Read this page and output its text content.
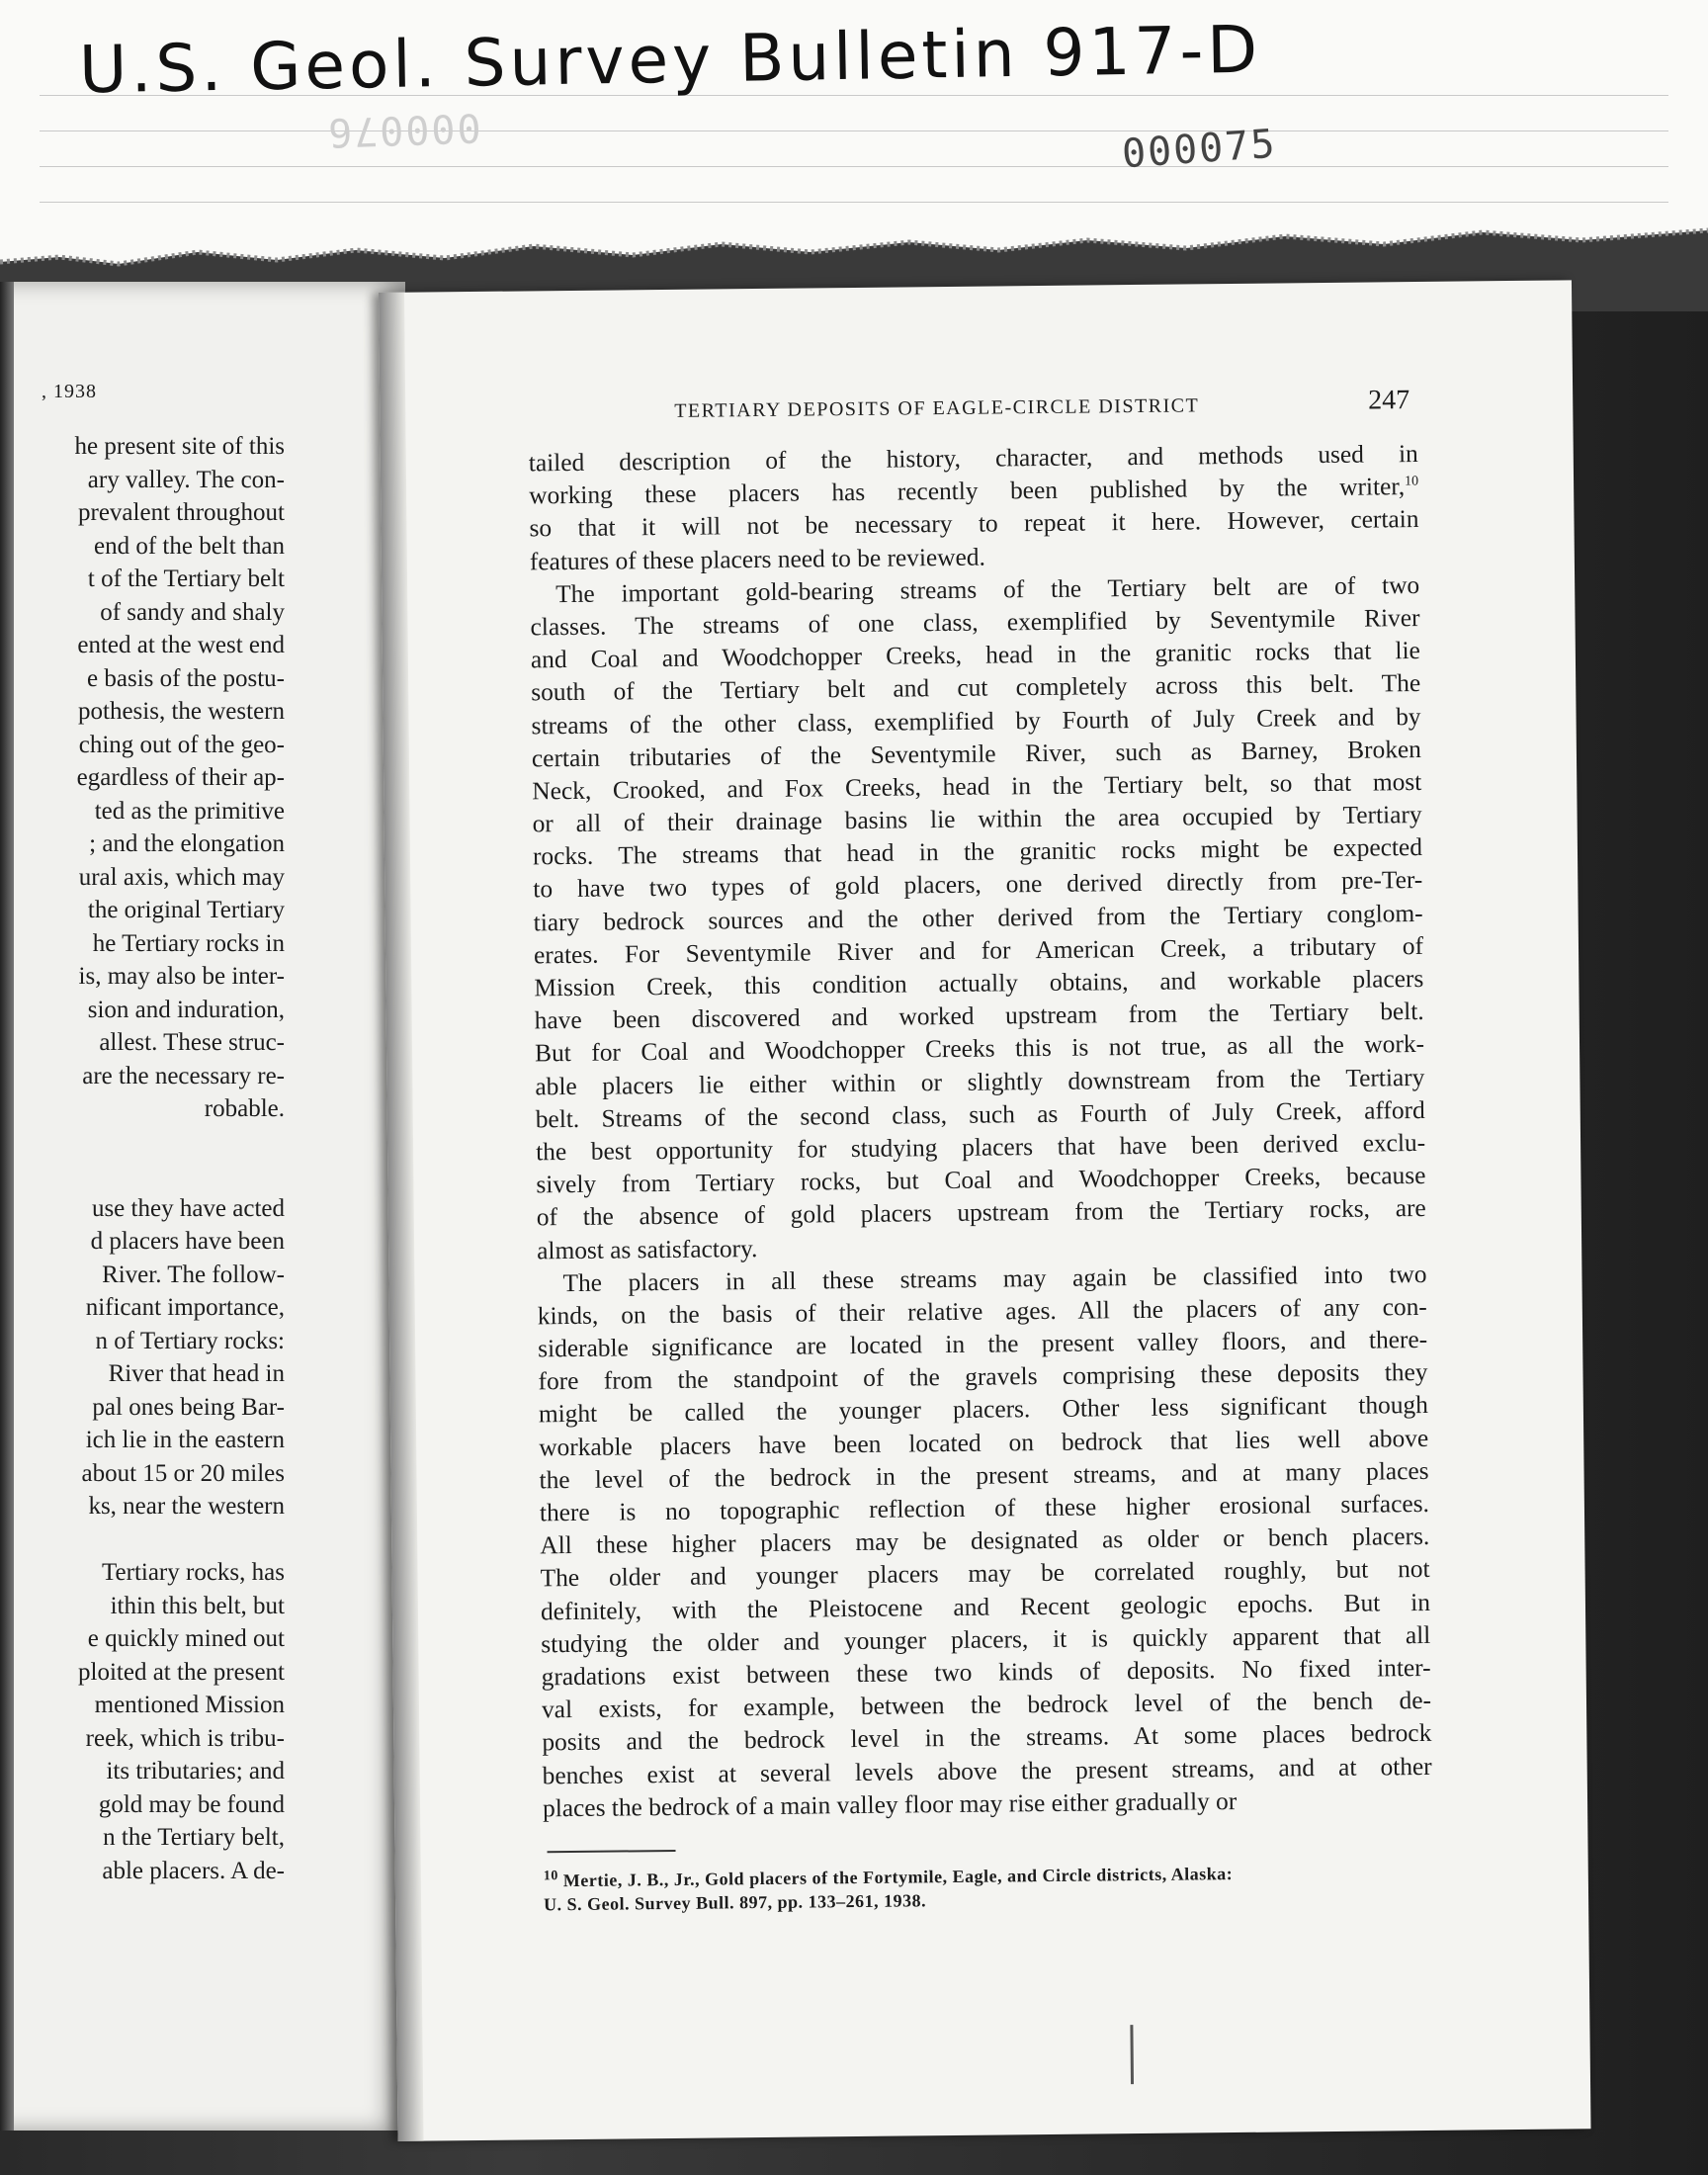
U.S. Geol. Survey Bulletin 917-D
000076	000075
, 1938
he present site of this
ary valley. The con-
prevalent throughout
end of the belt than
t of the Tertiary belt
of sandy and shaly
ented at the west end
e basis of the postu-
pothesis, the western
ching out of the geo-
egardless of their ap-
ted as the primitive
; and the elongation
ural axis, which may
the original Tertiary
he Tertiary rocks in
is, may also be inter-
sion and induration,
allest. These struc-
are the necessary re-
robable.

use they have acted
d placers have been
River. The follow-
nificant importance,
n of Tertiary rocks:
River that head in
pal ones being Bar-
ich lie in the eastern
about 15 or 20 miles
ks, near the western

Tertiary rocks, has
ithin this belt, but
e quickly mined out
ploited at the present
mentioned Mission
reek, which is tribu-
its tributaries; and
gold may be found
n the Tertiary belt,
able placers. A de-
TERTIARY DEPOSITS OF EAGLE-CIRCLE DISTRICT	247
tailed description of the history, character, and methods used in
working these placers has recently been published by the writer,$^{10}$
so that it will not be necessary to repeat it here. However, certain
features of these placers need to be reviewed.
The important gold-bearing streams of the Tertiary belt are of two
classes. The streams of one class, exemplified by Seventymile River
and Coal and Woodchopper Creeks, head in the granitic rocks that lie
south of the Tertiary belt and cut completely across this belt. The
streams of the other class, exemplified by Fourth of July Creek and by
certain tributaries of the Seventymile River, such as Barney, Broken
Neck, Crooked, and Fox Creeks, head in the Tertiary belt, so that most
or all of their drainage basins lie within the area occupied by Tertiary
rocks. The streams that head in the granitic rocks might be expected
to have two types of gold placers, one derived directly from pre-Ter-
tiary bedrock sources and the other derived from the Tertiary conglom-
erates. For Seventymile River and for American Creek, a tributary of
Mission Creek, this condition actually obtains, and workable placers
have been discovered and worked upstream from the Tertiary belt.
But for Coal and Woodchopper Creeks this is not true, as all the work-
able placers lie either within or slightly downstream from the Tertiary
belt. Streams of the second class, such as Fourth of July Creek, afford
the best opportunity for studying placers that have been derived exclu-
sively from Tertiary rocks, but Coal and Woodchopper Creeks, because
of the absence of gold placers upstream from the Tertiary rocks, are
almost as satisfactory.
The placers in all these streams may again be classified into two
kinds, on the basis of their relative ages. All the placers of any con-
siderable significance are located in the present valley floors, and there-
fore from the standpoint of the gravels comprising these deposits they
might be called the younger placers. Other less significant though
workable placers have been located on bedrock that lies well above
the level of the bedrock in the present streams, and at many places
there is no topographic reflection of these higher erosional surfaces.
All these higher placers may be designated as older or bench placers.
The older and younger placers may be correlated roughly, but not
definitely, with the Pleistocene and Recent geologic epochs. But in
studying the older and younger placers, it is quickly apparent that all
gradations exist between these two kinds of deposits. No fixed inter-
val exists, for example, between the bedrock level of the bench de-
posits and the bedrock level in the streams. At some places bedrock
benches exist at several levels above the present streams, and at other
places the bedrock of a main valley floor may rise either gradually or
$^{10}$ Mertie, J. B., Jr., Gold placers of the Fortymile, Eagle, and Circle districts, Alaska:
U. S. Geol. Survey Bull. 897, pp. 133–261, 1938.
